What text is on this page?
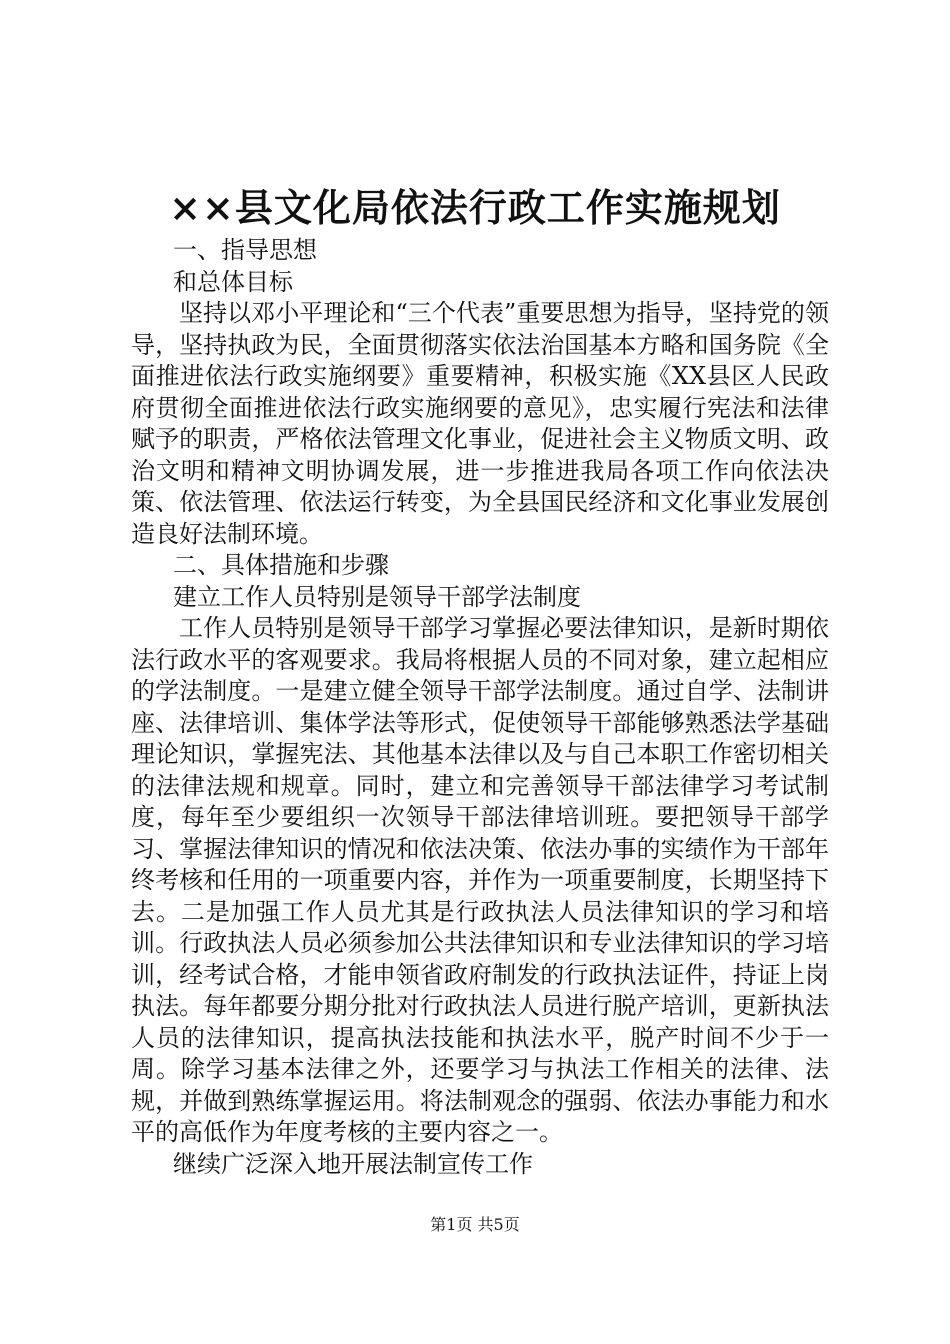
××县文化局依法行政工作实施规划
一、指导思想
和总体目标

坚持以邓小平理论和“三个代表”重要思想为指导，坚持党的领导，坚持执政为民，全面贯彻落实依法治国基本方略和国务院《全面推进依法行政实施纲要》重要精神，积极实施《XX县区人民政府贯彻全面推进依法行政实施纲要的意见》，忠实履行宪法和法律赋予的职责，严格依法管理文化事业，促进社会主义物质文明、政治文明和精神文明协调发展，进一步推进我局各项工作向依法决策、依法管理、依法运行转变，为全县国民经济和文化事业发展创造良好法制环境。

二、具体措施和步骤
建立工作人员特别是领导干部学法制度

工作人员特别是领导干部学习掌握必要法律知识，是新时期依法行政水平的客观要求。我局将根据人员的不同对象，建立起相应的学法制度。一是建立健全领导干部学法制度。通过自学、法制讲座、法律培训、集体学法等形式，促使领导干部能够熟悉法学基础理论知识，掌握宪法、其他基本法律以及与自己本职工作密切相关的法律法规和规章。同时，建立和完善领导干部法律学习考试制度，每年至少要组织一次领导干部法律培训班。要把领导干部学习、掌握法律知识的情况和依法决策、依法办事的实绩作为干部年终考核和任用的一项重要内容，并作为一项重要制度，长期坚持下去。二是加强工作人员尤其是行政执法人员法律知识的学习和培训。行政执法人员必须参加公共法律知识和专业法律知识的学习培训，经考试合格，才能申领省政府制发的行政执法证件，持证上岗执法。每年都要分期分批对行政执法人员进行脱产培训，更新执法人员的法律知识，提高执法技能和执法水平，脱产时间不少于一周。除学习基本法律之外，还要学习与执法工作相关的法律、法规，并做到熟练掌握运用。将法制观念的强弱、依法办事能力和水平的高低作为年度考核的主要内容之一。

继续广泛深入地开展法制宣传工作
第1页 共5页
